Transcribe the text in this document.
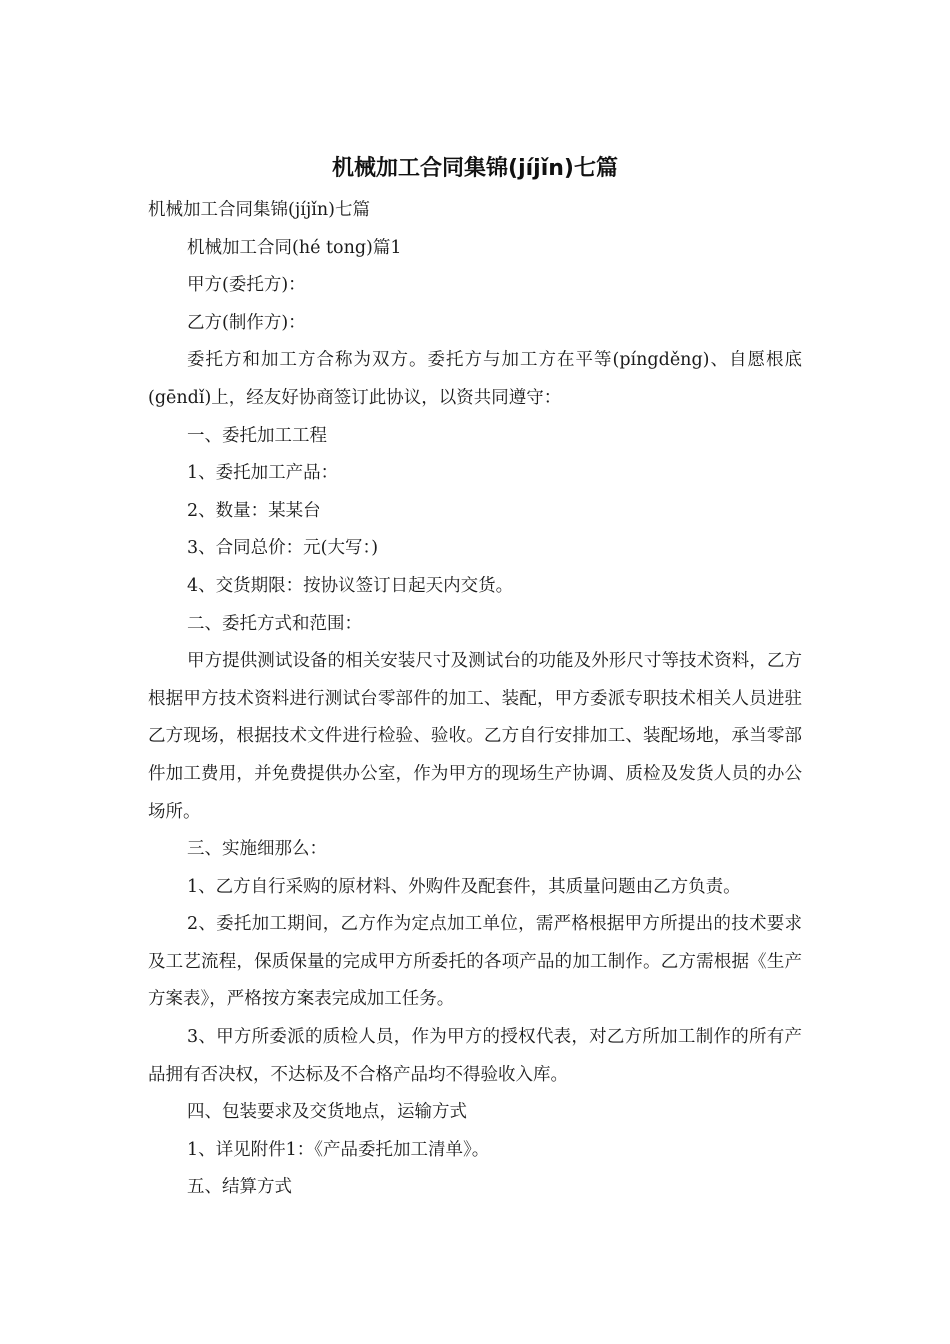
机械加工合同集锦(jíjǐn)七篇

机械加工合同集锦(jíjǐn)七篇

机械加工合同(hé tong)篇1

甲方(委托方)：

乙方(制作方)：

委托方和加工方合称为双方。委托方与加工方在平等(píngděng)、自愿根底(gēndǐ)上，经友好协商签订此协议，以资共同遵守：

一、委托加工工程

1、委托加工产品：

2、数量：某某台

3、合同总价：元(大写：)

4、交货期限：按协议签订日起天内交货。

二、委托方式和范围：

甲方提供测试设备的相关安装尺寸及测试台的功能及外形尺寸等技术资料，乙方根据甲方技术资料进行测试台零部件的加工、装配，甲方委派专职技术相关人员进驻乙方现场，根据技术文件进行检验、验收。乙方自行安排加工、装配场地，承当零部件加工费用，并免费提供办公室，作为甲方的现场生产协调、质检及发货人员的办公场所。

三、实施细那么：

1、乙方自行采购的原材料、外购件及配套件，其质量问题由乙方负责。

2、委托加工期间，乙方作为定点加工单位，需严格根据甲方所提出的技术要求及工艺流程，保质保量的完成甲方所委托的各项产品的加工制作。乙方需根据《生产方案表》，严格按方案表完成加工任务。

3、甲方所委派的质检人员，作为甲方的授权代表，对乙方所加工制作的所有产品拥有否决权，不达标及不合格产品均不得验收入库。

四、包装要求及交货地点，运输方式

1、详见附件1：《产品委托加工清单》。

五、结算方式
